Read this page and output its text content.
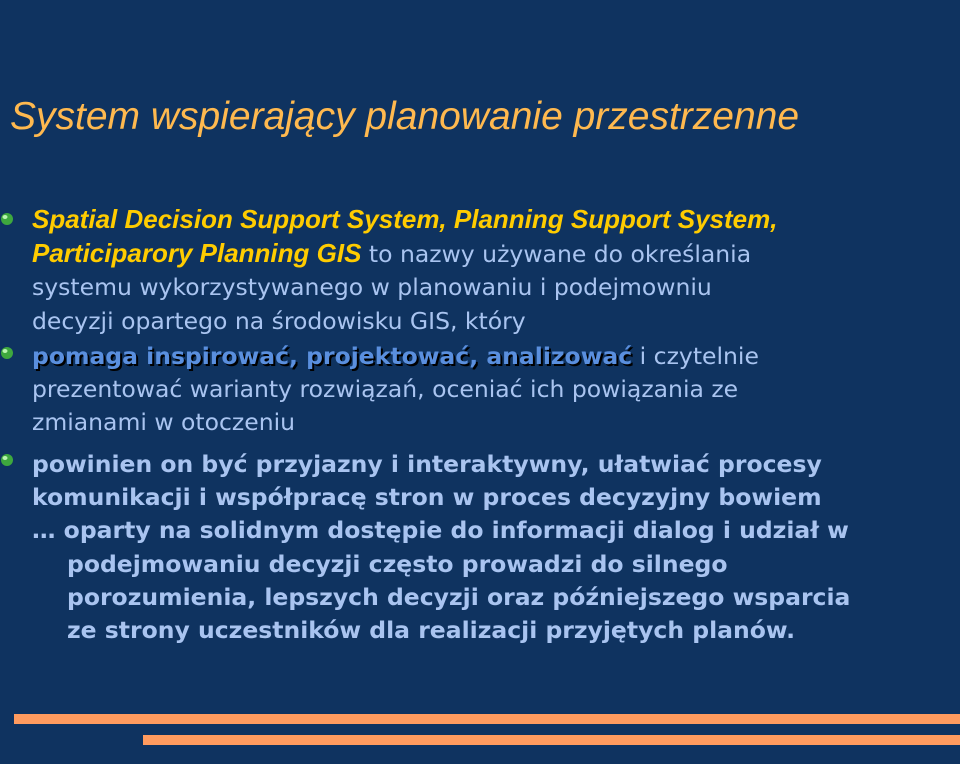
System wspierający planowanie przestrzenne
Spatial Decision Support System, Planning Support System,
Participarory Planning GIS to nazwy używane do określania
systemu wykorzystywanego w planowaniu i podejmowniu
decyzji opartego na środowisku GIS, który
pomaga inspirować, projektować, analizować i czytelnie
prezentować warianty rozwiązań, oceniać ich powiązania ze
zmianami w otoczeniu
powinien on być przyjazny i interaktywny, ułatwiać procesy
komunikacji i współpracę stron w proces decyzyjny bowiem
… oparty na solidnym dostępie do informacji dialog i udział w
podejmowaniu decyzji często prowadzi do silnego
porozumienia, lepszych decyzji oraz późniejszego wsparcia
ze strony uczestników dla realizacji przyjętych planów.
